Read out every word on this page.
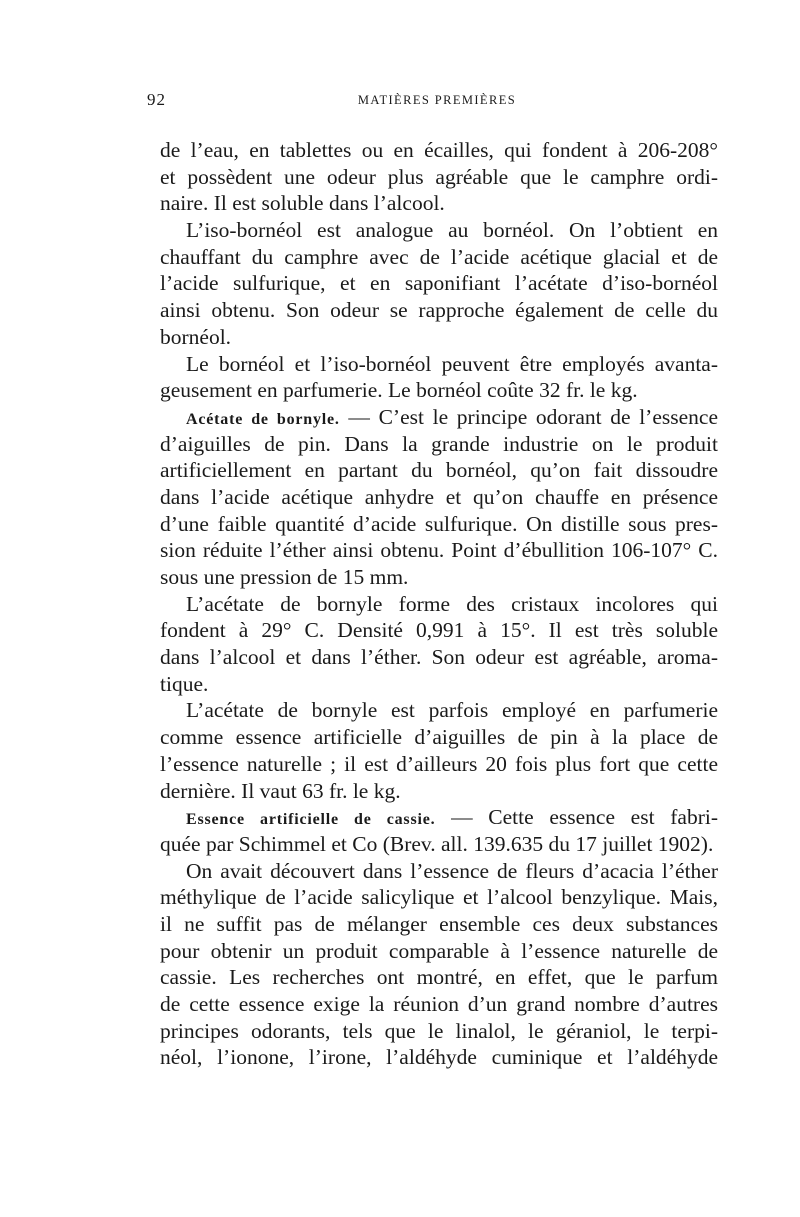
92	MATIÈRES PREMIÈRES
de l’eau, en tablettes ou en écailles, qui fondent à 206-208°
et possèdent une odeur plus agréable que le camphre ordi-
naire. Il est soluble dans l’alcool.
L’iso-bornéol est analogue au bornéol. On l’obtient en
chauffant du camphre avec de l’acide acétique glacial et de
l’acide sulfurique, et en saponifiant l’acétate d’iso-bornéol
ainsi obtenu. Son odeur se rapproche également de celle du
bornéol.
Le bornéol et l’iso-bornéol peuvent être employés avanta-
geusement en parfumerie. Le bornéol coûte 32 fr. le kg.
Acétate de bornyle. — C’est le principe odorant de l’essence
d’aiguilles de pin. Dans la grande industrie on le produit
artificiellement en partant du bornéol, qu’on fait dissoudre
dans l’acide acétique anhydre et qu’on chauffe en présence
d’une faible quantité d’acide sulfurique. On distille sous pres-
sion réduite l’éther ainsi obtenu. Point d’ébullition 106-107° C.
sous une pression de 15 mm.
L’acétate de bornyle forme des cristaux incolores qui
fondent à 29° C. Densité 0,991 à 15°. Il est très soluble
dans l’alcool et dans l’éther. Son odeur est agréable, aroma-
tique.
L’acétate de bornyle est parfois employé en parfumerie
comme essence artificielle d’aiguilles de pin à la place de
l’essence naturelle ; il est d’ailleurs 20 fois plus fort que cette
dernière. Il vaut 63 fr. le kg.
Essence artificielle de cassie. — Cette essence est fabri-
quée par Schimmel et Co (Brev. all. 139.635 du 17 juillet 1902).
On avait découvert dans l’essence de fleurs d’acacia l’éther
méthylique de l’acide salicylique et l’alcool benzylique. Mais,
il ne suffit pas de mélanger ensemble ces deux substances
pour obtenir un produit comparable à l’essence naturelle de
cassie. Les recherches ont montré, en effet, que le parfum
de cette essence exige la réunion d’un grand nombre d’autres
principes odorants, tels que le linalol, le géraniol, le terpi-
néol, l’ionone, l’irone, l’aldéhyde cuminique et l’aldéhyde
